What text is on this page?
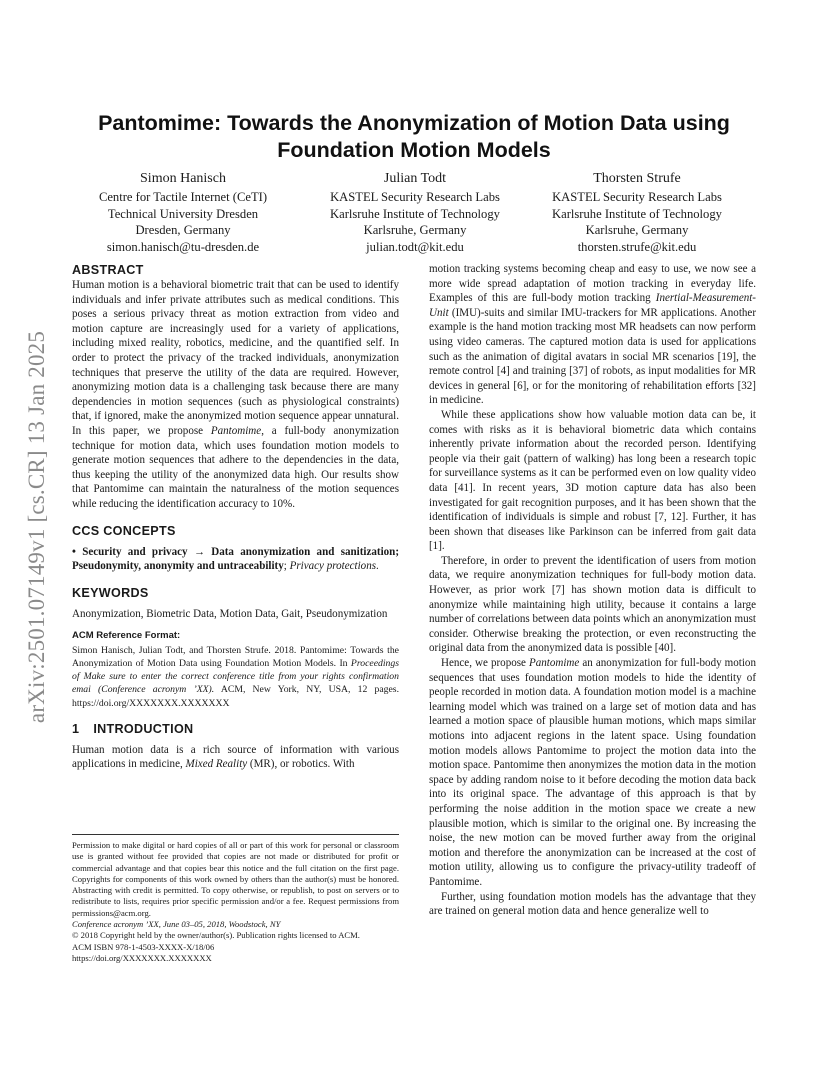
arXiv:2501.07149v1 [cs.CR] 13 Jan 2025
Pantomime: Towards the Anonymization of Motion Data using
Foundation Motion Models
Simon Hanisch
Centre for Tactile Internet (CeTI)
Technical University Dresden
Dresden, Germany
simon.hanisch@tu-dresden.de
Julian Todt
KASTEL Security Research Labs
Karlsruhe Institute of Technology
Karlsruhe, Germany
julian.todt@kit.edu
Thorsten Strufe
KASTEL Security Research Labs
Karlsruhe Institute of Technology
Karlsruhe, Germany
thorsten.strufe@kit.edu
ABSTRACT

Human motion is a behavioral biometric trait that can be used to identify individuals and infer private attributes such as medical conditions. This poses a serious privacy threat as motion extraction from video and motion capture are increasingly used for a variety of applications, including mixed reality, robotics, medicine, and the quantified self. In order to protect the privacy of the tracked individuals, anonymization techniques that preserve the utility of the data are required. However, anonymizing motion data is a challenging task because there are many dependencies in motion sequences (such as physiological constraints) that, if ignored, make the anonymized motion sequence appear unnatural. In this paper, we propose Pantomime, a full-body anonymization technique for motion data, which uses foundation motion models to generate motion sequences that adhere to the dependencies in the data, thus keeping the utility of the anonymized data high. Our results show that Pantomime can maintain the naturalness of the motion sequences while reducing the identification accuracy to 10%.

CCS CONCEPTS

• Security and privacy → Data anonymization and sanitization; Pseudonymity, anonymity and untraceability; Privacy protections.

KEYWORDS

Anonymization, Biometric Data, Motion Data, Gait, Pseudonymization

ACM Reference Format:

Simon Hanisch, Julian Todt, and Thorsten Strufe. 2018. Pantomime: Towards the Anonymization of Motion Data using Foundation Motion Models. In Proceedings of Make sure to enter the correct conference title from your rights confirmation emai (Conference acronym ’XX). ACM, New York, NY, USA, 12 pages. https://doi.org/XXXXXXX.XXXXXXX

1 INTRODUCTION

Human motion data is a rich source of information with various applications in medicine, Mixed Reality (MR), or robotics. With

Permission to make digital or hard copies of all or part of this work for personal or classroom use is granted without fee provided that copies are not made or distributed for profit or commercial advantage and that copies bear this notice and the full citation on the first page. Copyrights for components of this work owned by others than the author(s) must be honored. Abstracting with credit is permitted. To copy otherwise, or republish, to post on servers or to redistribute to lists, requires prior specific permission and/or a fee. Request permissions from permissions@acm.org.

Conference acronym ’XX, June 03–05, 2018, Woodstock, NY

© 2018 Copyright held by the owner/author(s). Publication rights licensed to ACM.

ACM ISBN 978-1-4503-XXXX-X/18/06

https://doi.org/XXXXXXX.XXXXXXX

motion tracking systems becoming cheap and easy to use, we now see a more wide spread adaptation of motion tracking in everyday life. Examples of this are full-body motion tracking Inertial-Measurement-Unit (IMU)-suits and similar IMU-trackers for MR applications. Another example is the hand motion tracking most MR headsets can now perform using video cameras. The captured motion data is used for applications such as the animation of digital avatars in social MR scenarios [19], the remote control [4] and training [37] of robots, as input modalities for MR devices in general [6], or for the monitoring of rehabilitation efforts [32] in medicine.

While these applications show how valuable motion data can be, it comes with risks as it is behavioral biometric data which contains inherently private information about the recorded person. Identifying people via their gait (pattern of walking) has long been a research topic for surveillance systems as it can be performed even on low quality video data [41]. In recent years, 3D motion capture data has also been investigated for gait recognition purposes, and it has been shown that the identification of individuals is simple and robust [7, 12]. Further, it has been shown that diseases like Parkinson can be inferred from gait data [1].

Therefore, in order to prevent the identification of users from motion data, we require anonymization techniques for full-body motion data. However, as prior work [7] has shown motion data is difficult to anonymize while maintaining high utility, because it contains a large number of correlations between data points which an anonymization must consider. Otherwise breaking the protection, or even reconstructing the original data from the anonymized data is possible [40].

Hence, we propose Pantomime an anonymization for full-body motion sequences that uses foundation motion models to hide the identity of people recorded in motion data. A foundation motion model is a machine learning model which was trained on a large set of motion data and has learned a motion space of plausible human motions, which maps similar motions into adjacent regions in the latent space. Using foundation motion models allows Pantomime to project the motion data into the motion space. Pantomime then anonymizes the motion data in the motion space by adding random noise to it before decoding the motion data back into its original space. The advantage of this approach is that by performing the noise addition in the motion space we create a new plausible motion, which is similar to the original one. By increasing the noise, the new motion can be moved further away from the original motion and therefore the anonymization can be increased at the cost of motion utility, allowing us to configure the privacy-utility tradeoff of Pantomime.

Further, using foundation motion models has the advantage that they are trained on general motion data and hence generalize well to
